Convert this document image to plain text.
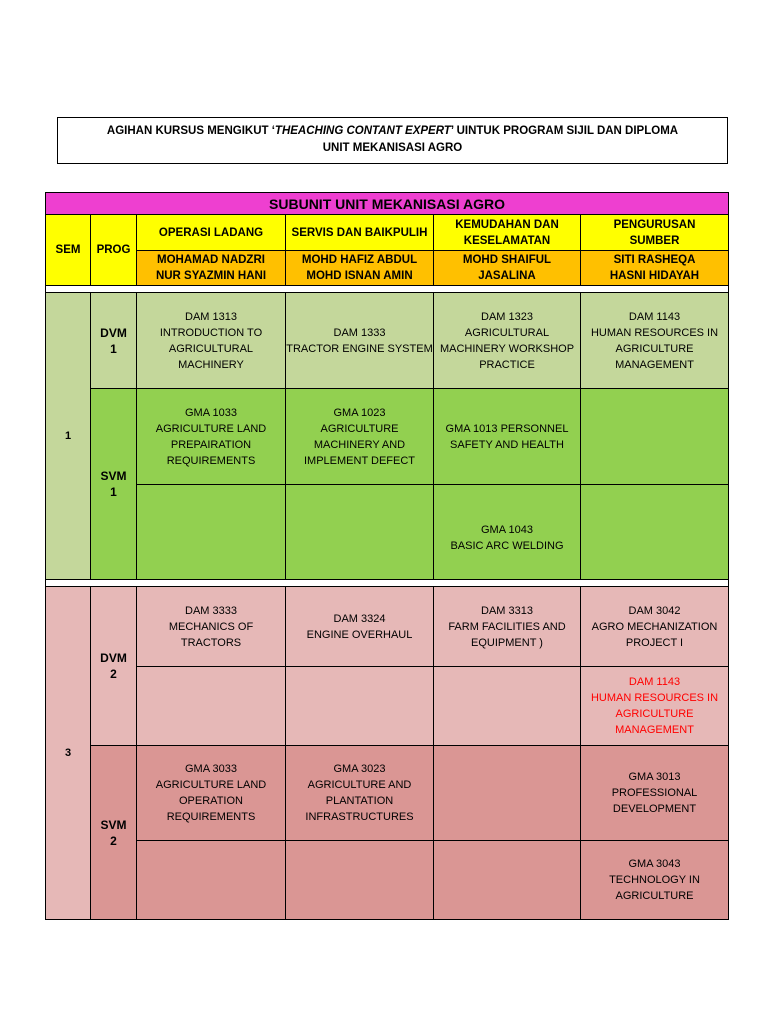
AGIHAN KURSUS MENGIKUT ‘THEACHING CONTANT EXPERT’ UINTUK PROGRAM SIJIL DAN DIPLOMA
UNIT MEKANISASI AGRO
SUBUNIT UNIT MEKANISASI AGRO
SEM	PROG
OPERASI LADANG	SERVIS DAN BAIKPULIH
KEMUDAHAN DAN
KESELAMATAN
PENGURUSAN
SUMBER
MOHAMAD NADZRI
NUR SYAZMIN HANI
MOHD HAFIZ ABDUL
MOHD ISNAN AMIN
MOHD SHAIFUL
JASALINA
SITI RASHEQA
HASNI HIDAYAH
1
DVM
1
SVM
1
DAM 1313
INTRODUCTION TO
AGRICULTURAL
MACHINERY
DAM 1333
TRACTOR ENGINE SYSTEM
DAM 1323
AGRICULTURAL
MACHINERY WORKSHOP
PRACTICE
DAM 1143
HUMAN RESOURCES IN
AGRICULTURE
MANAGEMENT
GMA 1033
AGRICULTURE LAND
PREPAIRATION
REQUIREMENTS
GMA 1023
AGRICULTURE
MACHINERY AND
IMPLEMENT DEFECT
GMA 1013 PERSONNEL
SAFETY AND HEALTH
GMA 1043
BASIC ARC WELDING
3
DVM
2
SVM
2
DAM 3333
MECHANICS OF
TRACTORS
DAM 3324
ENGINE OVERHAUL
DAM 3313
FARM FACILITIES AND
EQUIPMENT )
DAM 3042
AGRO MECHANIZATION
PROJECT I
DAM 1143
HUMAN RESOURCES IN
AGRICULTURE
MANAGEMENT
GMA 3033
AGRICULTURE LAND
OPERATION
REQUIREMENTS
GMA 3023
AGRICULTURE AND
PLANTATION
INFRASTRUCTURES
GMA 3013
PROFESSIONAL
DEVELOPMENT
GMA 3043
TECHNOLOGY IN
AGRICULTURE
